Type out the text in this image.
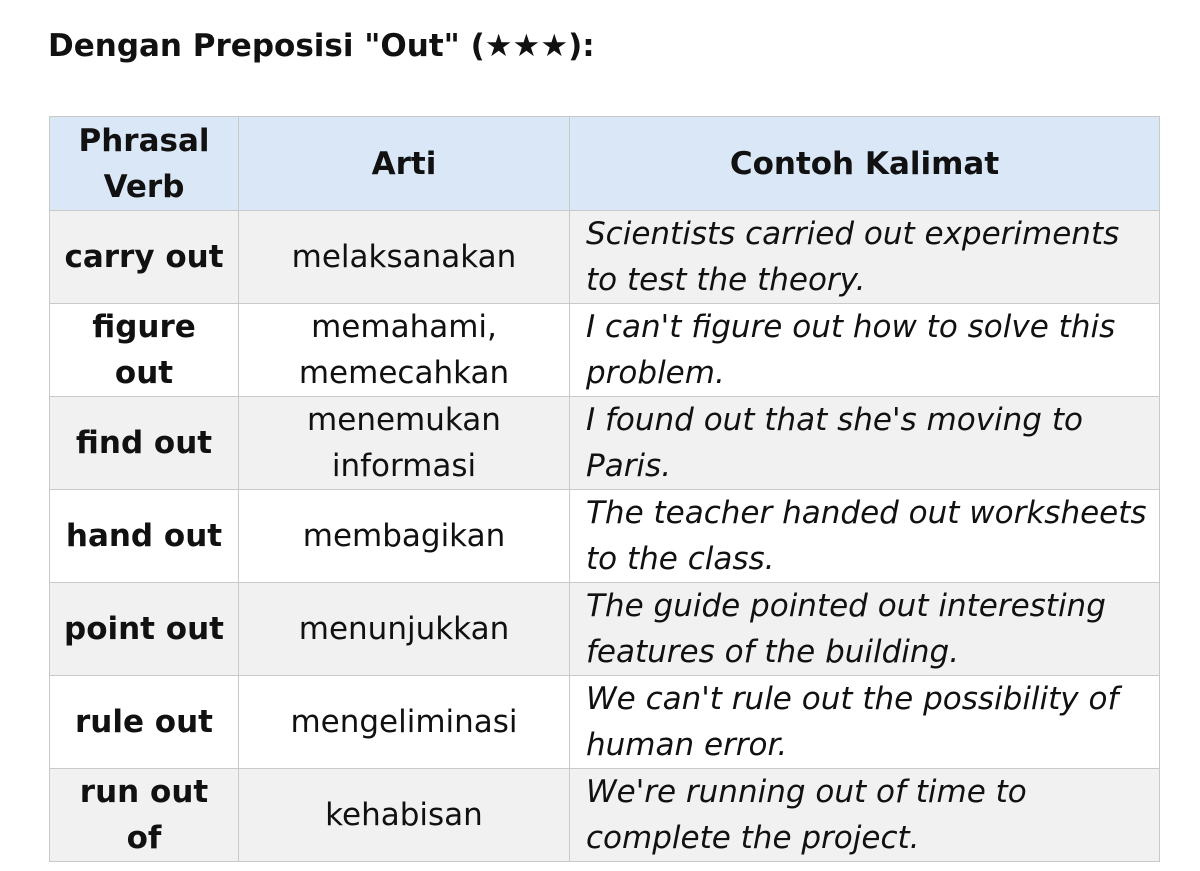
Dengan Preposisi "Out" (★★★):
Phrasal Verb	Arti	Contoh Kalimat
carry out	melaksanakan	Scientists carried out experiments to test the theory.
figure out	memahami, memecahkan	I can't figure out how to solve this problem.
find out	menemukan informasi	I found out that she's moving to Paris.
hand out	membagikan	The teacher handed out worksheets to the class.
point out	menunjukkan	The guide pointed out interesting features of the building.
rule out	mengeliminasi	We can't rule out the possibility of human error.
run out of	kehabisan	We're running out of time to complete the project.
